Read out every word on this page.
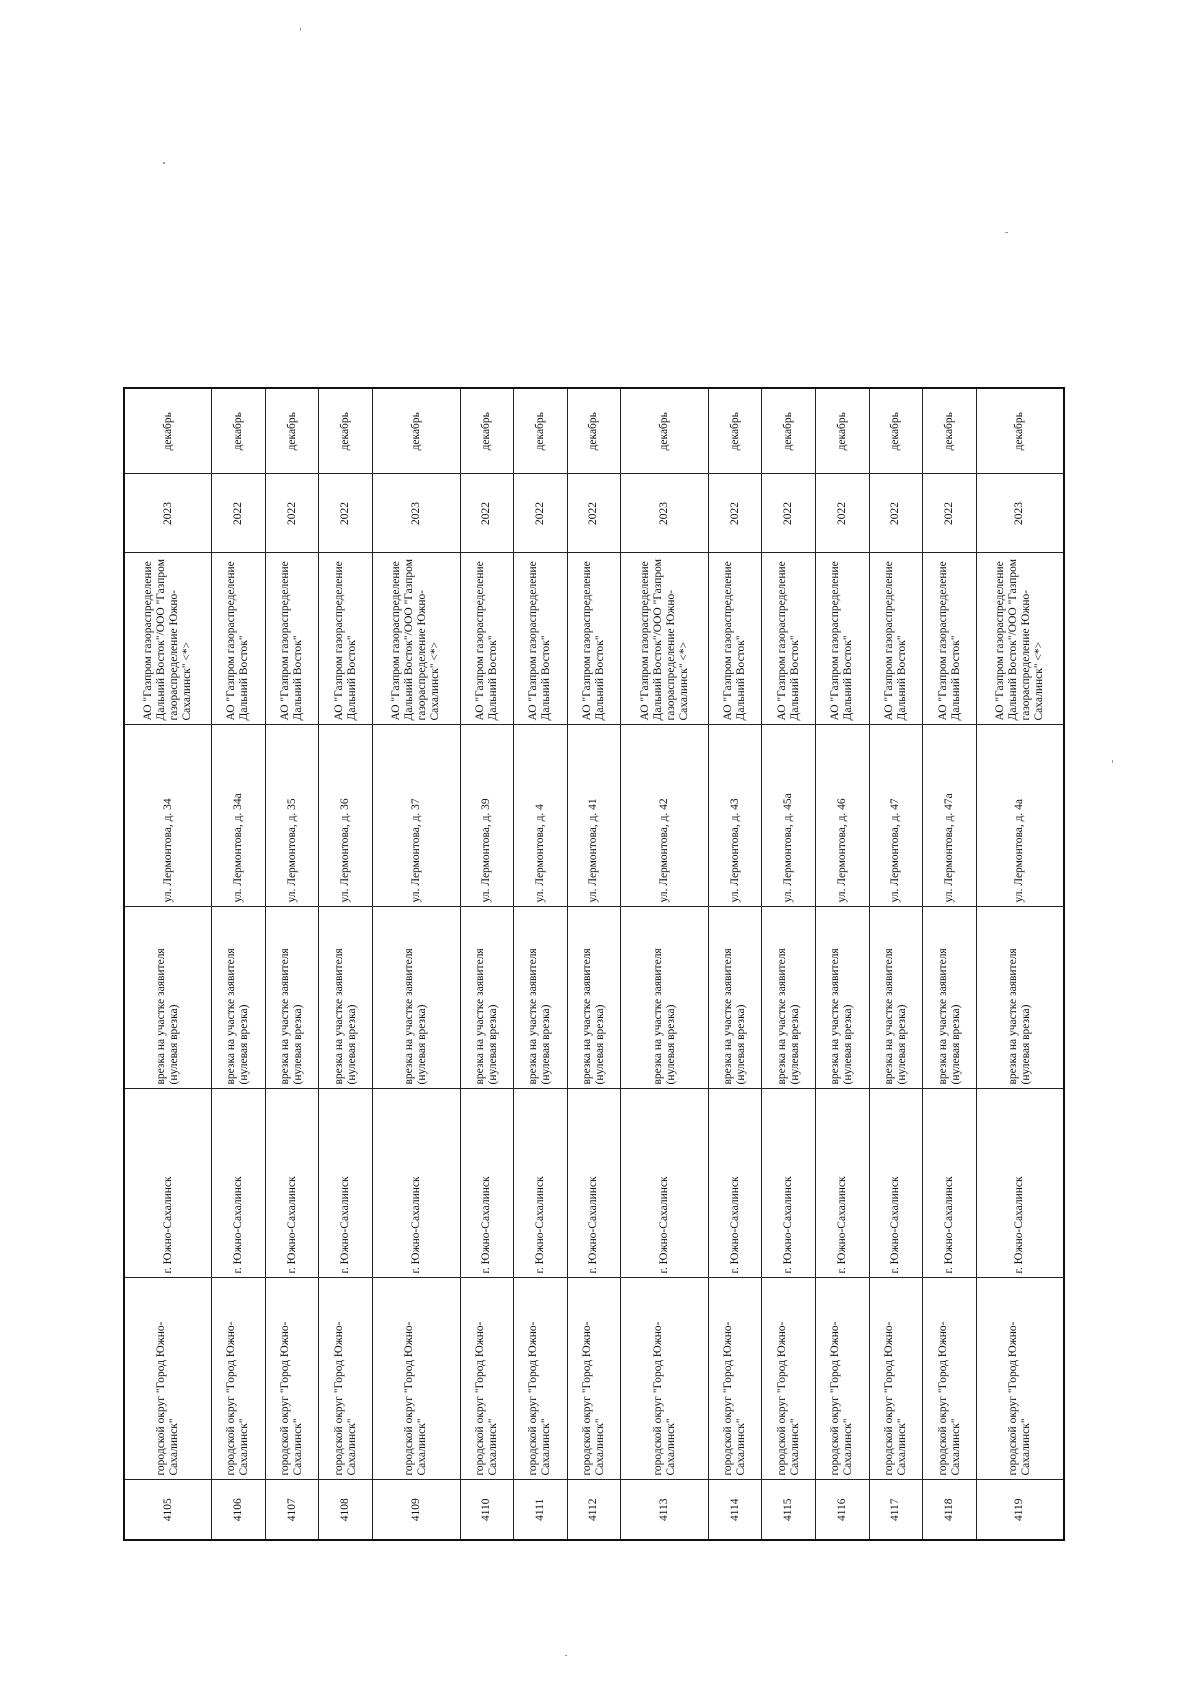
4105	городской округ "Город Южно-Сахалинск"	г. Южно-Сахалинск	врезка на участке заявителя (нулевая врезка)	ул. Лермонтова, д. 34	АО "Газпром газораспределение Дальний Восток"/ООО "Газпром газораспределение Южно-Сахалинск" <*>	2023	декабрь
4106	городской округ "Город Южно-Сахалинск"	г. Южно-Сахалинск	врезка на участке заявителя (нулевая врезка)	ул. Лермонтова, д. 34а	АО "Газпром газораспределение Дальний Восток"	2022	декабрь
4107	городской округ "Город Южно-Сахалинск"	г. Южно-Сахалинск	врезка на участке заявителя (нулевая врезка)	ул. Лермонтова, д. 35	АО "Газпром газораспределение Дальний Восток"	2022	декабрь
4108	городской округ "Город Южно-Сахалинск"	г. Южно-Сахалинск	врезка на участке заявителя (нулевая врезка)	ул. Лермонтова, д. 36	АО "Газпром газораспределение Дальний Восток"	2022	декабрь
4109	городской округ "Город Южно-Сахалинск"	г. Южно-Сахалинск	врезка на участке заявителя (нулевая врезка)	ул. Лермонтова, д. 37	АО "Газпром газораспределение Дальний Восток"/ООО "Газпром газораспределение Южно-Сахалинск" <*>	2023	декабрь
4110	городской округ "Город Южно-Сахалинск"	г. Южно-Сахалинск	врезка на участке заявителя (нулевая врезка)	ул. Лермонтова, д. 39	АО "Газпром газораспределение Дальний Восток"	2022	декабрь
4111	городской округ "Город Южно-Сахалинск"	г. Южно-Сахалинск	врезка на участке заявителя (нулевая врезка)	ул. Лермонтова, д. 4	АО "Газпром газораспределение Дальний Восток"	2022	декабрь
4112	городской округ "Город Южно-Сахалинск"	г. Южно-Сахалинск	врезка на участке заявителя (нулевая врезка)	ул. Лермонтова, д. 41	АО "Газпром газораспределение Дальний Восток"	2022	декабрь
4113	городской округ "Город Южно-Сахалинск"	г. Южно-Сахалинск	врезка на участке заявителя (нулевая врезка)	ул. Лермонтова, д. 42	АО "Газпром газораспределение Дальний Восток"/ООО "Газпром газораспределение Южно-Сахалинск" <*>	2023	декабрь
4114	городской округ "Город Южно-Сахалинск"	г. Южно-Сахалинск	врезка на участке заявителя (нулевая врезка)	ул. Лермонтова, д. 43	АО "Газпром газораспределение Дальний Восток"	2022	декабрь
4115	городской округ "Город Южно-Сахалинск"	г. Южно-Сахалинск	врезка на участке заявителя (нулевая врезка)	ул. Лермонтова, д. 45а	АО "Газпром газораспределение Дальний Восток"	2022	декабрь
4116	городской округ "Город Южно-Сахалинск"	г. Южно-Сахалинск	врезка на участке заявителя (нулевая врезка)	ул. Лермонтова, д. 46	АО "Газпром газораспределение Дальний Восток"	2022	декабрь
4117	городской округ "Город Южно-Сахалинск"	г. Южно-Сахалинск	врезка на участке заявителя (нулевая врезка)	ул. Лермонтова, д. 47	АО "Газпром газораспределение Дальний Восток"	2022	декабрь
4118	городской округ "Город Южно-Сахалинск"	г. Южно-Сахалинск	врезка на участке заявителя (нулевая врезка)	ул. Лермонтова, д. 47а	АО "Газпром газораспределение Дальний Восток"	2022	декабрь
4119	городской округ "Город Южно-Сахалинск"	г. Южно-Сахалинск	врезка на участке заявителя (нулевая врезка)	ул. Лермонтова, д. 4а	АО "Газпром газораспределение Дальний Восток"/ООО "Газпром газораспределение Южно-Сахалинск" <*>	2023	декабрь
